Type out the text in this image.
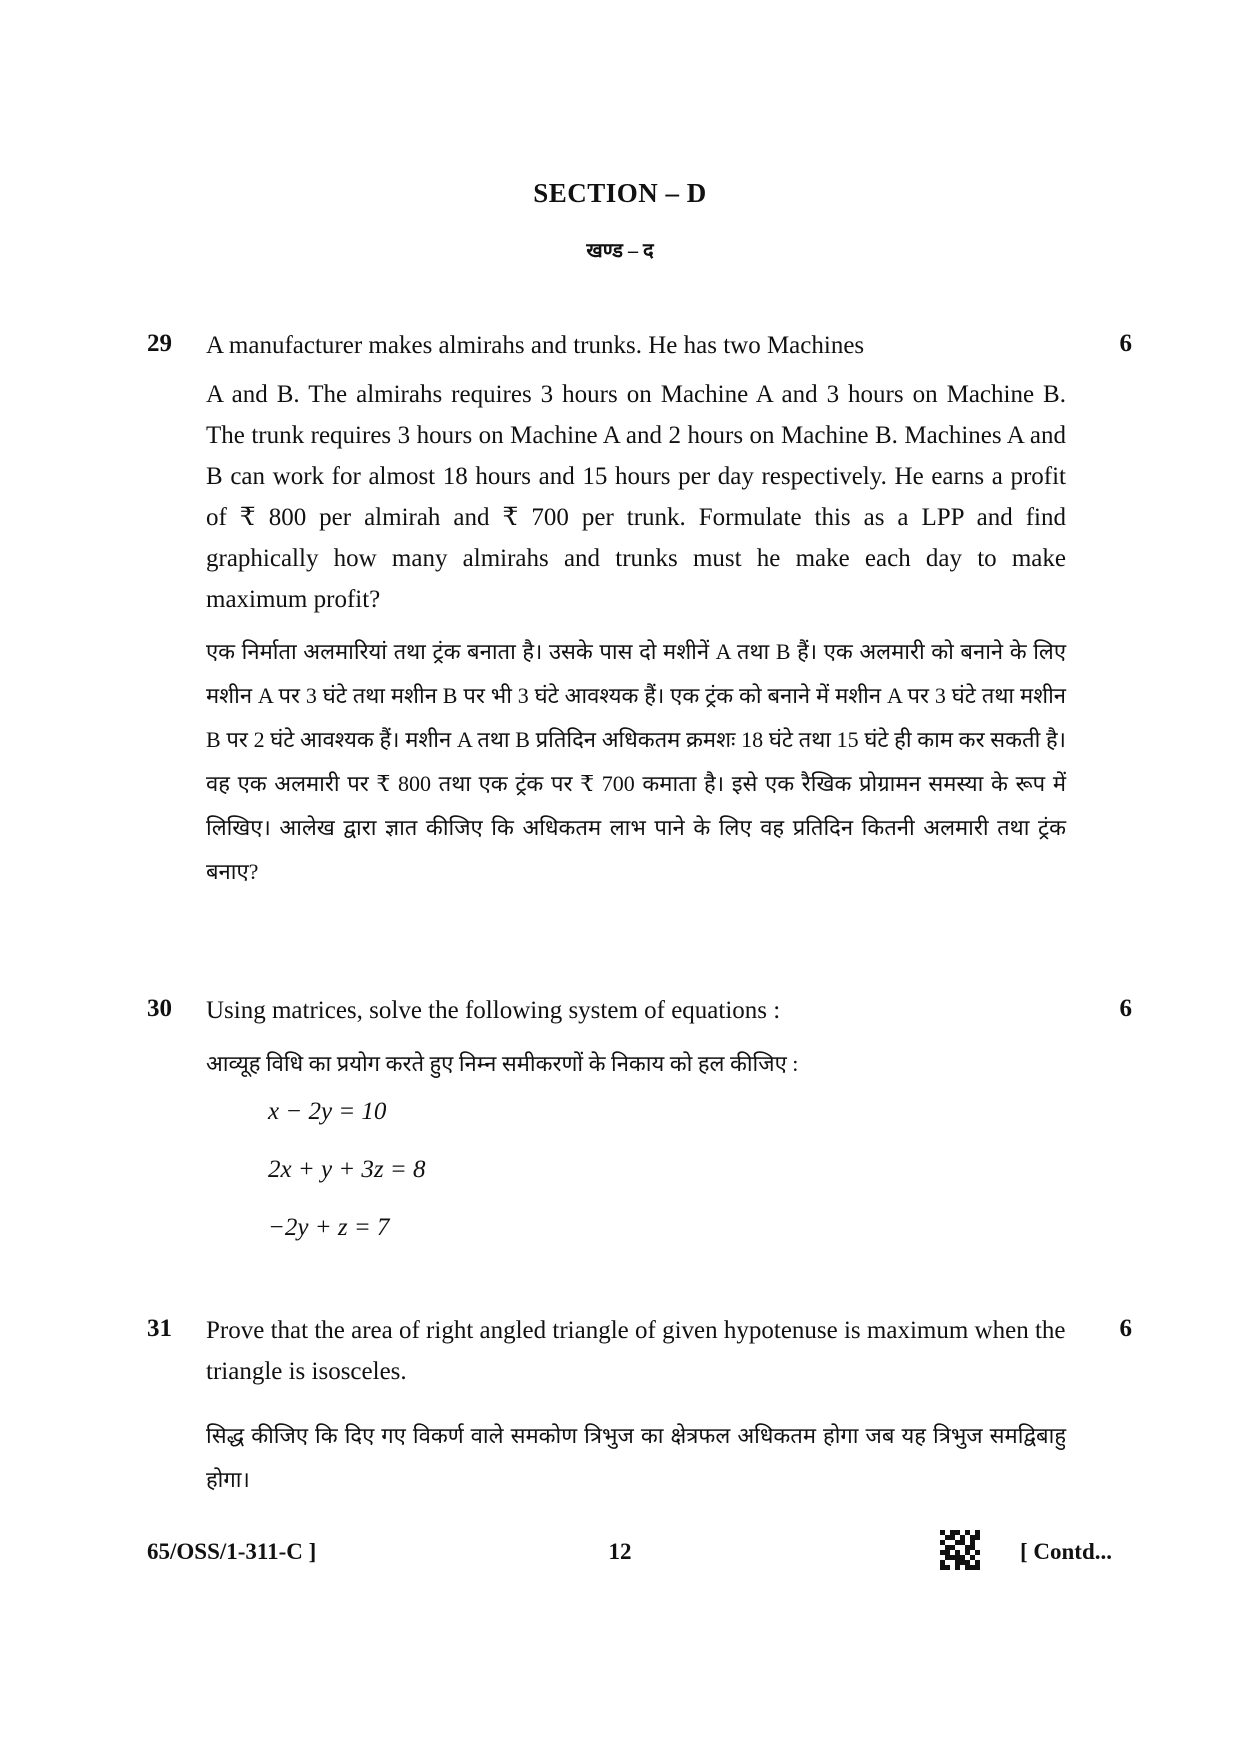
SECTION – D
खण्ड – द
29	6
A manufacturer makes almirahs and trunks. He has two Machines
A and B. The almirahs requires 3 hours on Machine A and 3 hours on Machine B. The trunk requires 3 hours on Machine A and 2 hours on Machine B. Machines A and B can work for almost 18 hours and 15 hours per day respectively. He earns a profit of ₹ 800 per almirah and ₹ 700 per trunk. Formulate this as a LPP and find graphically how many almirahs and trunks must he make each day to make maximum profit?
एक निर्माता अलमारियां तथा ट्रंक बनाता है। उसके पास दो मशीनें A तथा B हैं। एक अलमारी को बनाने के लिए मशीन A पर 3 घंटे तथा मशीन B पर भी 3 घंटे आवश्यक हैं। एक ट्रंक को बनाने में मशीन A पर 3 घंटे तथा मशीन B पर 2 घंटे आवश्यक हैं। मशीन A तथा B प्रतिदिन अधिकतम क्रमशः 18 घंटे तथा 15 घंटे ही काम कर सकती है। वह एक अलमारी पर ₹ 800 तथा एक ट्रंक पर ₹ 700 कमाता है। इसे एक रैखिक प्रोग्रामन समस्या के रूप में लिखिए। आलेख द्वारा ज्ञात कीजिए कि अधिकतम लाभ पाने के लिए वह प्रतिदिन कितनी अलमारी तथा ट्रंक बनाए?
30	6
Using matrices, solve the following system of equations :
आव्यूह विधि का प्रयोग करते हुए निम्न समीकरणों के निकाय को हल कीजिए :
x − 2y = 10
2x + y + 3z = 8
−2y + z = 7
31	6
Prove that the area of right angled triangle of given hypotenuse is maximum when the triangle is isosceles.
सिद्ध कीजिए कि दिए गए विकर्ण वाले समकोण त्रिभुज का क्षेत्रफल अधिकतम होगा जब यह त्रिभुज समद्विबाहु होगा।
65/OSS/1-311-C ]	12	[ Contd...
